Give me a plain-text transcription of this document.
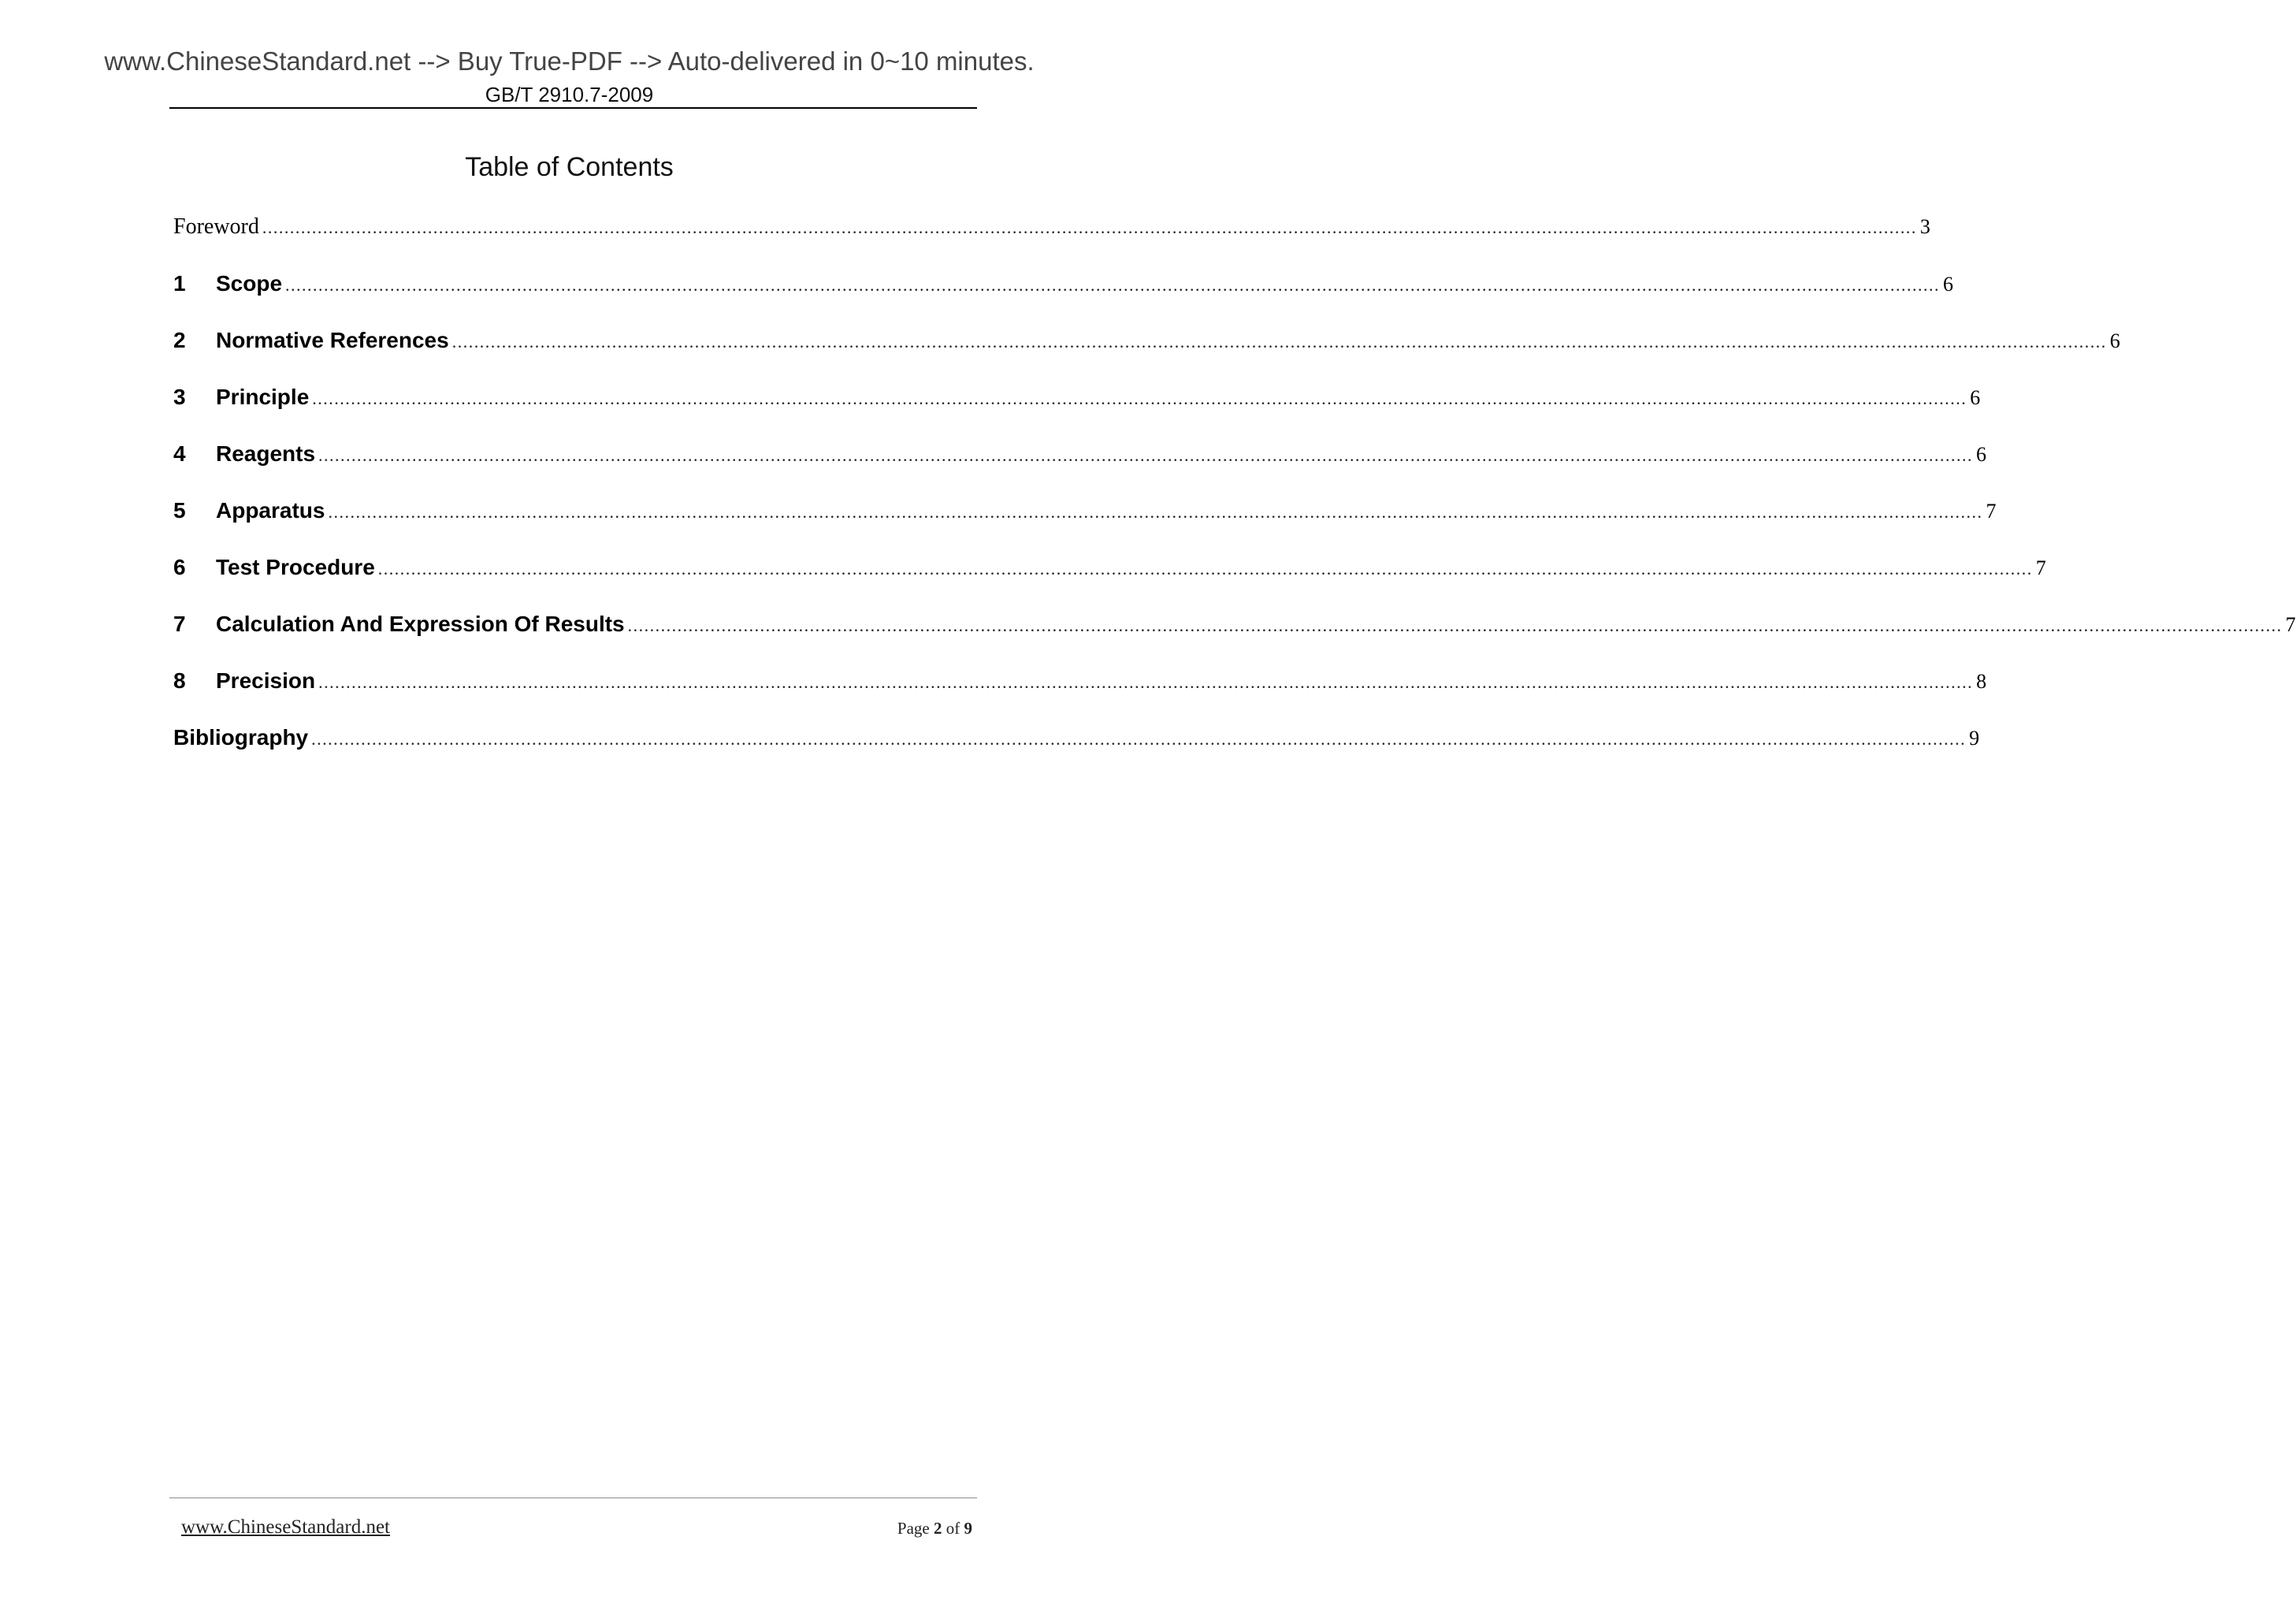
www.ChineseStandard.net --> Buy True-PDF --> Auto-delivered in 0~10 minutes.
GB/T 2910.7-2009
Table of Contents
Foreword ............................................................................................................................................................................................................................................................................................................ 3
1	Scope ............................................................................................................................................................................................................................................................................................................ 6
2	Normative References ............................................................................................................................................................................................................................................................................................................ 6
3	Principle ............................................................................................................................................................................................................................................................................................................ 6
4	Reagents ............................................................................................................................................................................................................................................................................................................ 6
5	Apparatus ............................................................................................................................................................................................................................................................................................................ 7
6	Test Procedure ............................................................................................................................................................................................................................................................................................................ 7
7	Calculation And Expression Of Results ............................................................................................................................................................................................................................................................................................................ 7
8	Precision ............................................................................................................................................................................................................................................................................................................ 8
Bibliography ............................................................................................................................................................................................................................................................................................................ 9
www.ChineseStandard.net	Page 2 of 9
